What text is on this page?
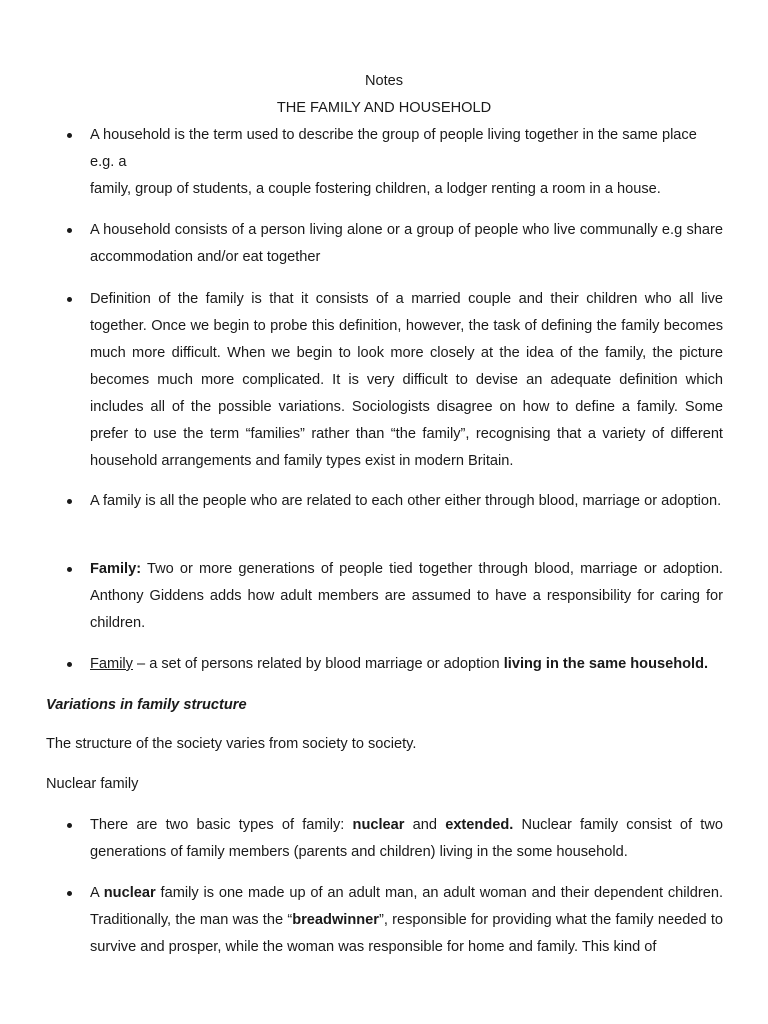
Notes

THE FAMILY AND HOUSEHOLD

A household is the term used to describe the group of people living together in the same place e.g. a
family, group of students, a couple fostering children, a lodger renting a room in a house.
A household consists of a person living alone or a group of people who live communally e.g share accommodation and/or eat together
Definition of the family is that it consists of a married couple and their children who all live together. Once we begin to probe this definition, however, the task of defining the family becomes much more difficult. When we begin to look more closely at the idea of the family, the picture becomes much more complicated. It is very difficult to devise an adequate definition which includes all of the possible variations. Sociologists disagree on how to define a family. Some prefer to use the term “families” rather than “the family”, recognising that a variety of different household arrangements and family types exist in modern Britain.
A family is all the people who are related to each other either through blood, marriage or adoption.
Family: Two or more generations of people tied together through blood, marriage or adoption. Anthony Giddens adds how adult members are assumed to have a responsibility for caring for children.
Family – a set of persons related by blood marriage or adoption living in the same household.

Variations in family structure

The structure of the society varies from society to society.

Nuclear family

There are two basic types of family: nuclear and extended. Nuclear family consist of two generations of family members (parents and children) living in the some household.
A nuclear family is one made up of an adult man, an adult woman and their dependent children. Traditionally, the man was the “breadwinner”, responsible for providing what the family needed to survive and prosper, while the woman was responsible for home and family. This kind of
